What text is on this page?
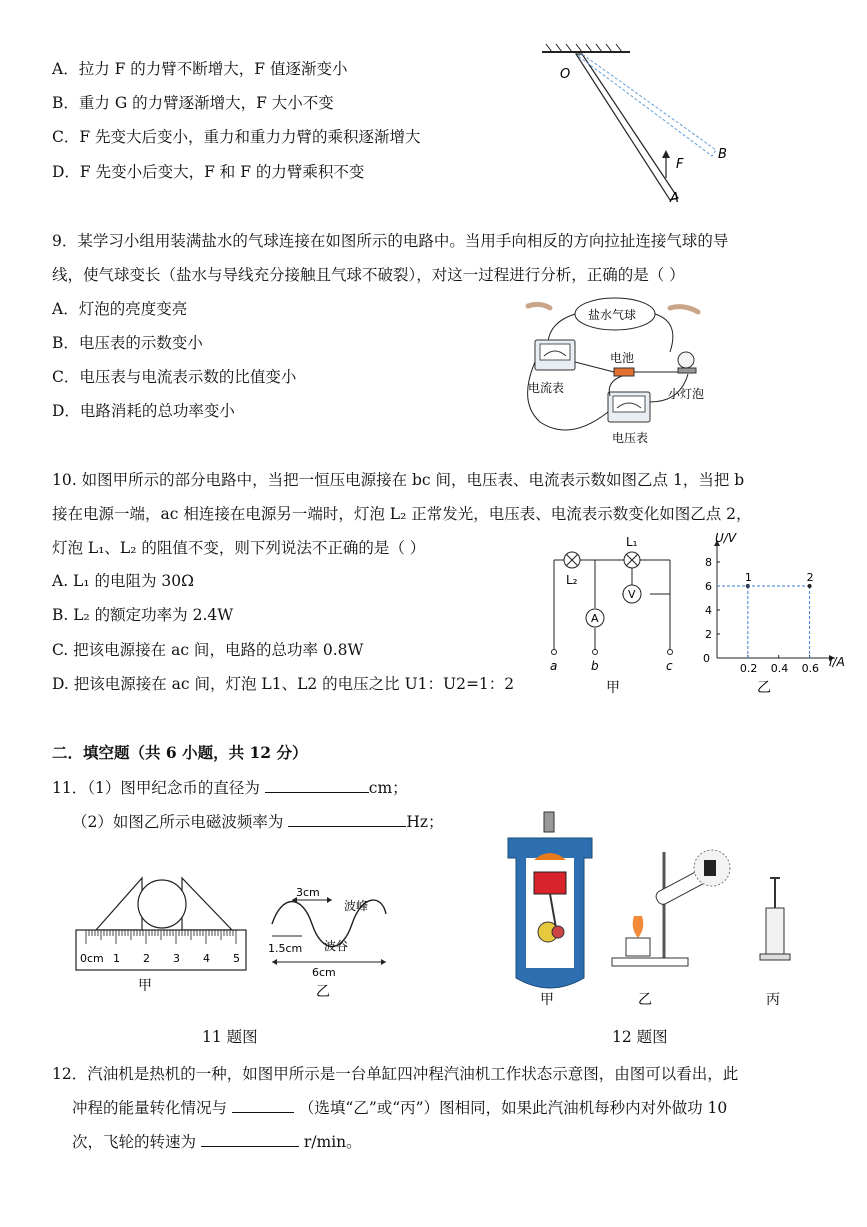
A．拉力 F 的力臂不断增大，F 值逐渐变小
B．重力 G 的力臂逐渐增大，F 大小不变
C．F 先变大后变小，重力和重力力臂的乘积逐渐增大
D．F 先变小后变大，F 和 F 的力臂乘积不变
O
F
B
A
9．某学习小组用装满盐水的气球连接在如图所示的电路中。当用手向相反的方向拉扯连接气球的导
线，使气球变长（盐水与导线充分接触且气球不破裂），对这一过程进行分析，正确的是（ ）
A．灯泡的亮度变亮
B．电压表的示数变小
C．电压表与电流表示数的比值变小
D．电路消耗的总功率变小
盐水气球
电流表
电池
小灯泡
电压表
10. 如图甲所示的部分电路中，当把一恒压电源接在 bc 间，电压表、电流表示数如图乙点 1，当把 b
接在电源一端，ac 相连接在电源另一端时，灯泡 L₂ 正常发光，电压表、电流表示数变化如图乙点 2，
灯泡 L₁、L₂ 的阻值不变，则下列说法不正确的是（ ）
A. L₁ 的电阻为 30Ω
B. L₂ 的额定功率为 2.4W
C. 把该电源接在 ac 间，电路的总功率 0.8W
D. 把该电源接在 ac 间，灯泡 L1、L2 的电压之比 U1：U2=1：2
L₂
L₁
A
V
a	b	c
甲
2
4
6
8
0.2 0.4 0.6
1	2
U/V
I/A
0
乙
二．填空题（共 6 小题，共 12 分）
11．（1）图甲纪念币的直径为	cm；
（2）如图乙所示电磁波频率为	Hz；
0cm 1 2 3 4 5
甲
3cm
波峰
波谷
1.5cm
6cm
乙
11 题图
甲	乙	丙
12 题图
12．汽油机是热机的一种，如图甲所示是一台单缸四冲程汽油机工作状态示意图，由图可以看出，此
冲程的能量转化情况与	（选填“乙”或“丙”）图相同，如果此汽油机每秒内对外做功 10
次，飞轮的转速为	r/min。
